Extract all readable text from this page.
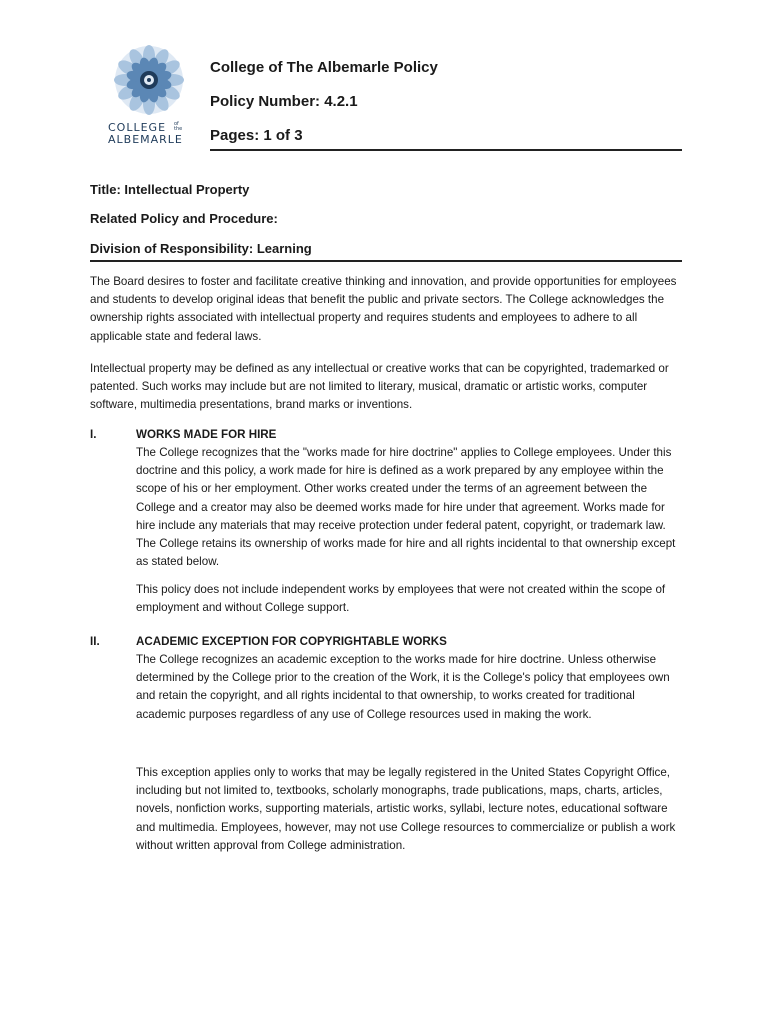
COLLEGE	of the
ALBEMARLE
College of The Albemarle Policy
Policy Number: 4.2.1
Pages: 1 of 3
Title: Intellectual Property
Related Policy and Procedure:
Division of Responsibility: Learning

The Board desires to foster and facilitate creative thinking and innovation, and provide opportunities for employees and students to develop original ideas that benefit the public and private sectors. The College acknowledges the ownership rights associated with intellectual property and requires students and employees to adhere to all applicable state and federal laws.

Intellectual property may be defined as any intellectual or creative works that can be copyrighted, trademarked or patented. Such works may include but are not limited to literary, musical, dramatic or artistic works, computer software, multimedia presentations, brand marks or inventions.

I.	WORKS MADE FOR HIRE

The College recognizes that the "works made for hire doctrine" applies to College employees. Under this doctrine and this policy, a work made for hire is defined as a work prepared by any employee within the scope of his or her employment. Other works created under the terms of an agreement between the College and a creator may also be deemed works made for hire under that agreement. Works made for hire include any materials that may receive protection under federal patent, copyright, or trademark law. The College retains its ownership of works made for hire and all rights incidental to that ownership except as stated below.

This policy does not include independent works by employees that were not created within the scope of employment and without College support.

II.	ACADEMIC EXCEPTION FOR COPYRIGHTABLE WORKS

The College recognizes an academic exception to the works made for hire doctrine. Unless otherwise determined by the College prior to the creation of the Work, it is the College's policy that employees own and retain the copyright, and all rights incidental to that ownership, to works created for traditional academic purposes regardless of any use of College resources used in making the work.

This exception applies only to works that may be legally registered in the United States Copyright Office, including but not limited to, textbooks, scholarly monographs, trade publications, maps, charts, articles, novels, nonfiction works, supporting materials, artistic works, syllabi, lecture notes, educational software and multimedia. Employees, however, may not use College resources to commercialize or publish a work without written approval from College administration.
